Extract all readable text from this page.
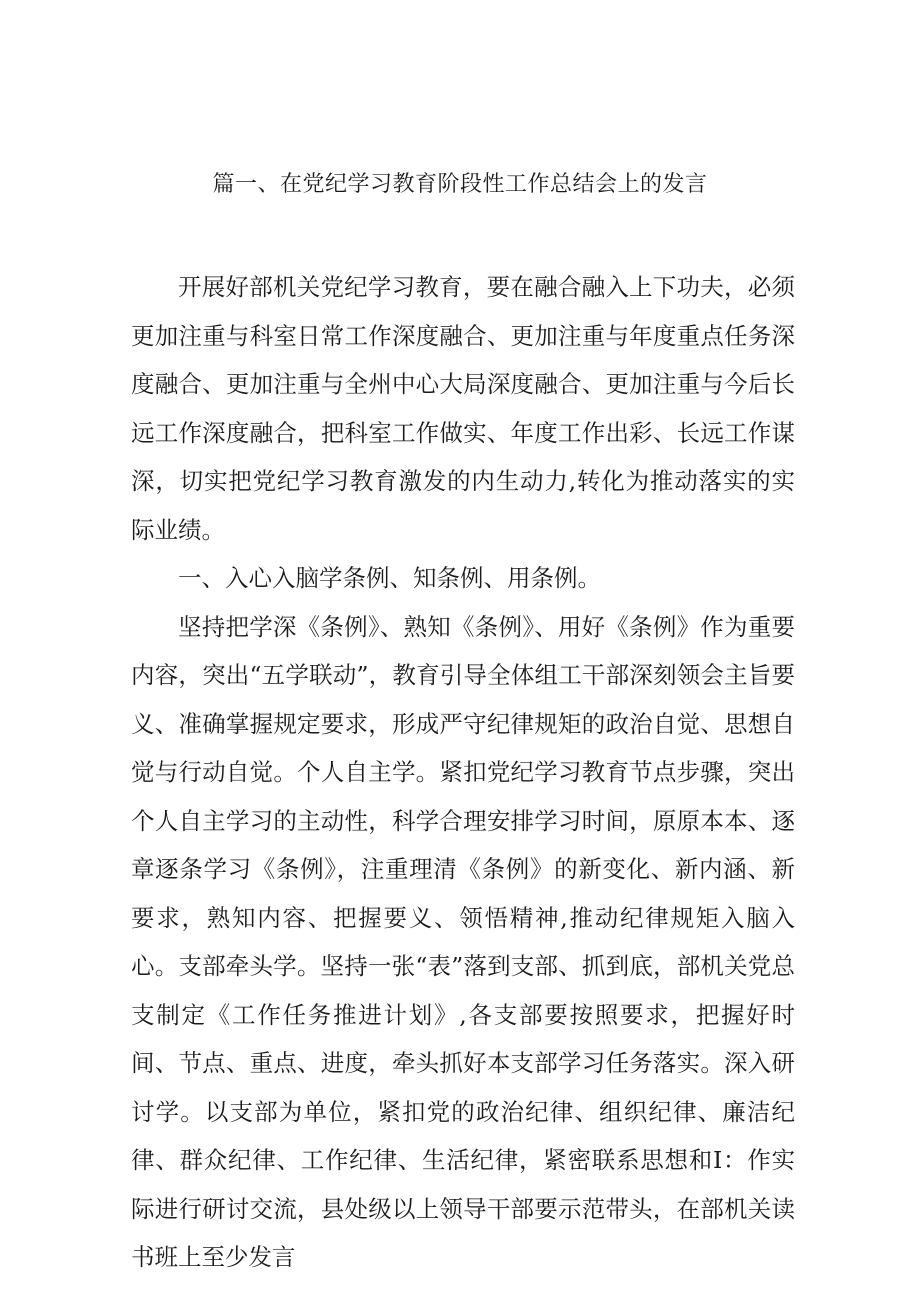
篇一、在党纪学习教育阶段性工作总结会上的发言

开展好部机关党纪学习教育，要在融合融入上下功夫，必须更加注重与科室日常工作深度融合、更加注重与年度重点任务深度融合、更加注重与全州中心大局深度融合、更加注重与今后长远工作深度融合，把科室工作做实、年度工作出彩、长远工作谋深，切实把党纪学习教育激发的内生动力,转化为推动落实的实际业绩。

一、入心入脑学条例、知条例、用条例。

坚持把学深《条例》、熟知《条例》、用好《条例》作为重要内容，突出“五学联动”，教育引导全体组工干部深刻领会主旨要义、准确掌握规定要求，形成严守纪律规矩的政治自觉、思想自觉与行动自觉。个人自主学。紧扣党纪学习教育节点步骤，突出个人自主学习的主动性，科学合理安排学习时间，原原本本、逐章逐条学习《条例》，注重理清《条例》的新变化、新内涵、新要求，熟知内容、把握要义、领悟精神,推动纪律规矩入脑入心。支部牵头学。坚持一张“表”落到支部、抓到底，部机关党总支制定《工作任务推进计划》,各支部要按照要求，把握好时间、节点、重点、进度，牵头抓好本支部学习任务落实。深入研讨学。以支部为单位，紧扣党的政治纪律、组织纪律、廉洁纪律、群众纪律、工作纪律、生活纪律，紧密联系思想和I：作实际进行研讨交流，县处级以上领导干部要示范带头，在部机关读书班上至少发言
